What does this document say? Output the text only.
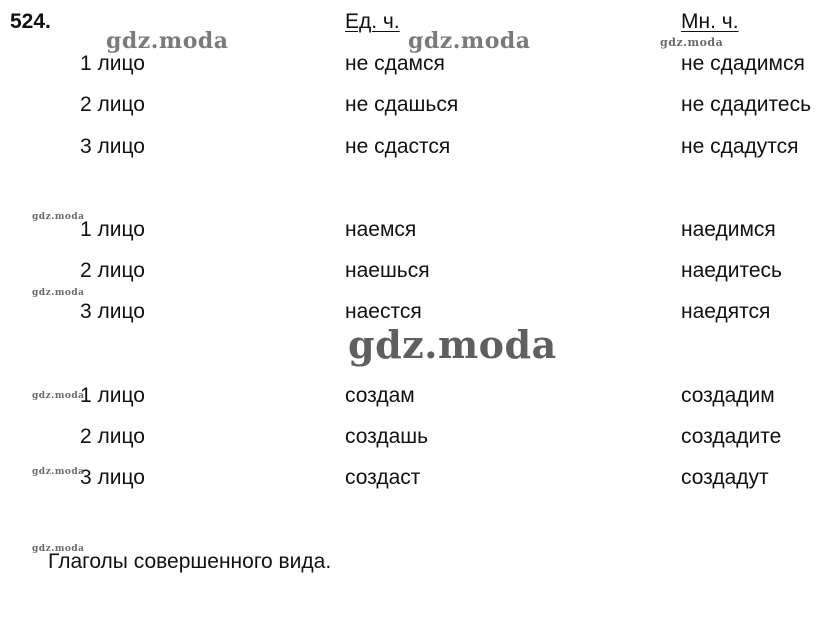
524.	Ед. ч.	Мн. ч.
1 лицо	не сдамся	не сдадимся
2 лицо	не сдашься	не сдадитесь
3 лицо	не сдастся	не сдадутся
1 лицо	наемся	наедимся
2 лицо	наешься	наедитесь
3 лицо	наестся	наедятся
1 лицо	создам	создадим
2 лицо	создашь	создадите
3 лицо	создаст	создадут
Глаголы совершенного вида.
gdz.moda	gdz.moda	gdz.moda
gdz.moda
gdz.moda
gdz.moda
gdz.moda
gdz.moda
gdz.moda
